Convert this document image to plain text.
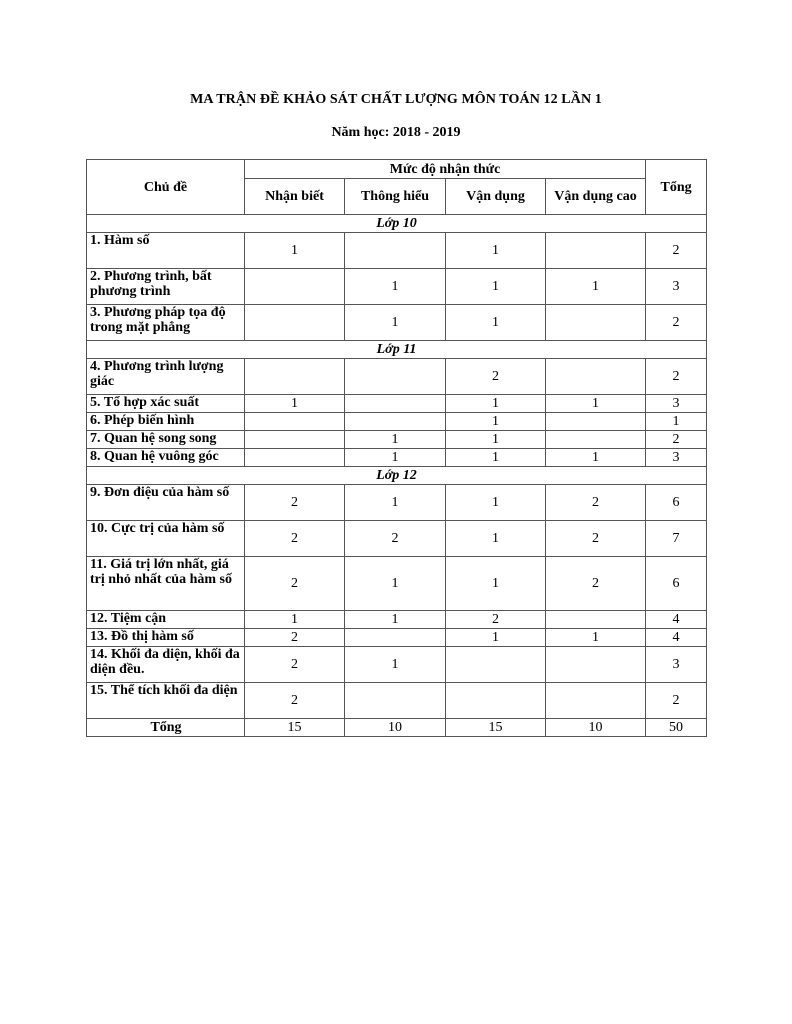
MA TRẬN ĐỀ KHẢO SÁT CHẤT LƯỢNG MÔN TOÁN 12 LẦN 1
Năm học: 2018 - 2019
Chủ đề	Mức độ nhận thức				Tổng
	Nhận biết	Thông hiểu	Vận dụng	Vận dụng cao	
Lớp 10					
1. Hàm số	1		1		2
2. Phương trình, bất phương trình		1	1	1	3
3. Phương pháp tọa độ trong mặt phẳng		1	1		2
Lớp 11					
4. Phương trình lượng giác			2		2
5. Tổ hợp xác suất	1		1	1	3
6. Phép biến hình			1		1
7. Quan hệ song song		1	1		2
8. Quan hệ vuông góc		1	1	1	3
Lớp 12					
9. Đơn điệu của hàm số	2	1	1	2	6
10. Cực trị của hàm số	2	2	1	2	7
11. Giá trị lớn nhất, giá trị nhỏ nhất của hàm số	2	1	1	2	6
12. Tiệm cận	1	1	2		4
13. Đồ thị hàm số	2		1	1	4
14. Khối đa diện, khối đa diện đều.	2	1			3
15. Thể tích khối đa diện	2				2
Tổng	15	10	15	10	50
